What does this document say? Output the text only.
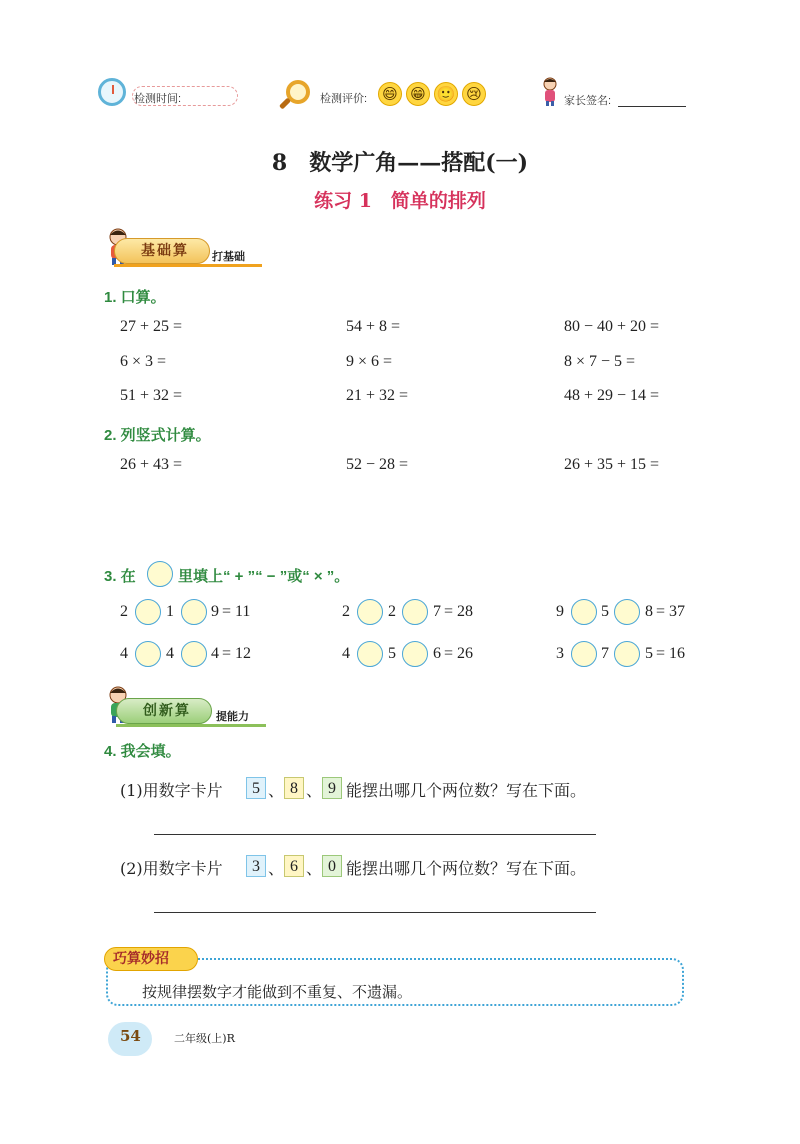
检测时间:	检测评价: 😄 😁 🙂 😢	家长签名:
8　数学广角——搭配(一)
练习 1　简单的排列
基础算	打基础
1. 口算。
27 + 25 =	54 + 8 =	80 − 40 + 20 =
6 × 3 =	9 × 6 =	8 × 7 − 5 =
51 + 32 =	21 + 32 =	48 + 29 − 14 =
2. 列竖式计算。
26 + 43 =	52 − 28 =	26 + 35 + 15 =
3. 在	里填上“ + ”“ − ”或“ × ”。
2 1 9 = 11	2 2 7 = 28	9 5 8 = 37
4 4 4 = 12	4 5 6 = 26	3 7 5 = 16
创新算	提能力
4. 我会填。
(1)用数字卡片	5 、 8 、 9 能摆出哪几个两位数？写在下面。
(2)用数字卡片	3 、 6 、 0 能摆出哪几个两位数？写在下面。
巧算妙招
按规律摆数字才能做到不重复、不遗漏。
54	二年级(上)R
